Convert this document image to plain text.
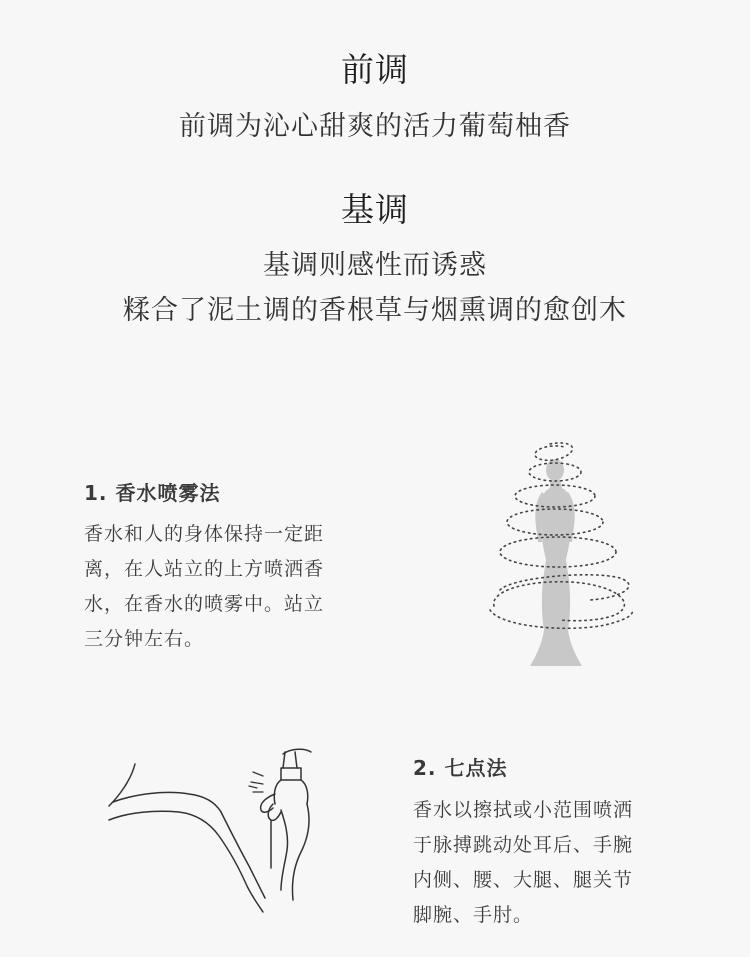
前调
前调为沁心甜爽的活力葡萄柚香
基调
基调则感性而诱惑
糅合了泥土调的香根草与烟熏调的愈创木
1. 香水喷雾法
香水和人的身体保持一定距
离，在人站立的上方喷洒香
水，在香水的喷雾中。站立
三分钟左右。
2. 七点法
香水以擦拭或小范围喷洒
于脉搏跳动处耳后、手腕
内侧、腰、大腿、腿关节
脚腕、手肘。
